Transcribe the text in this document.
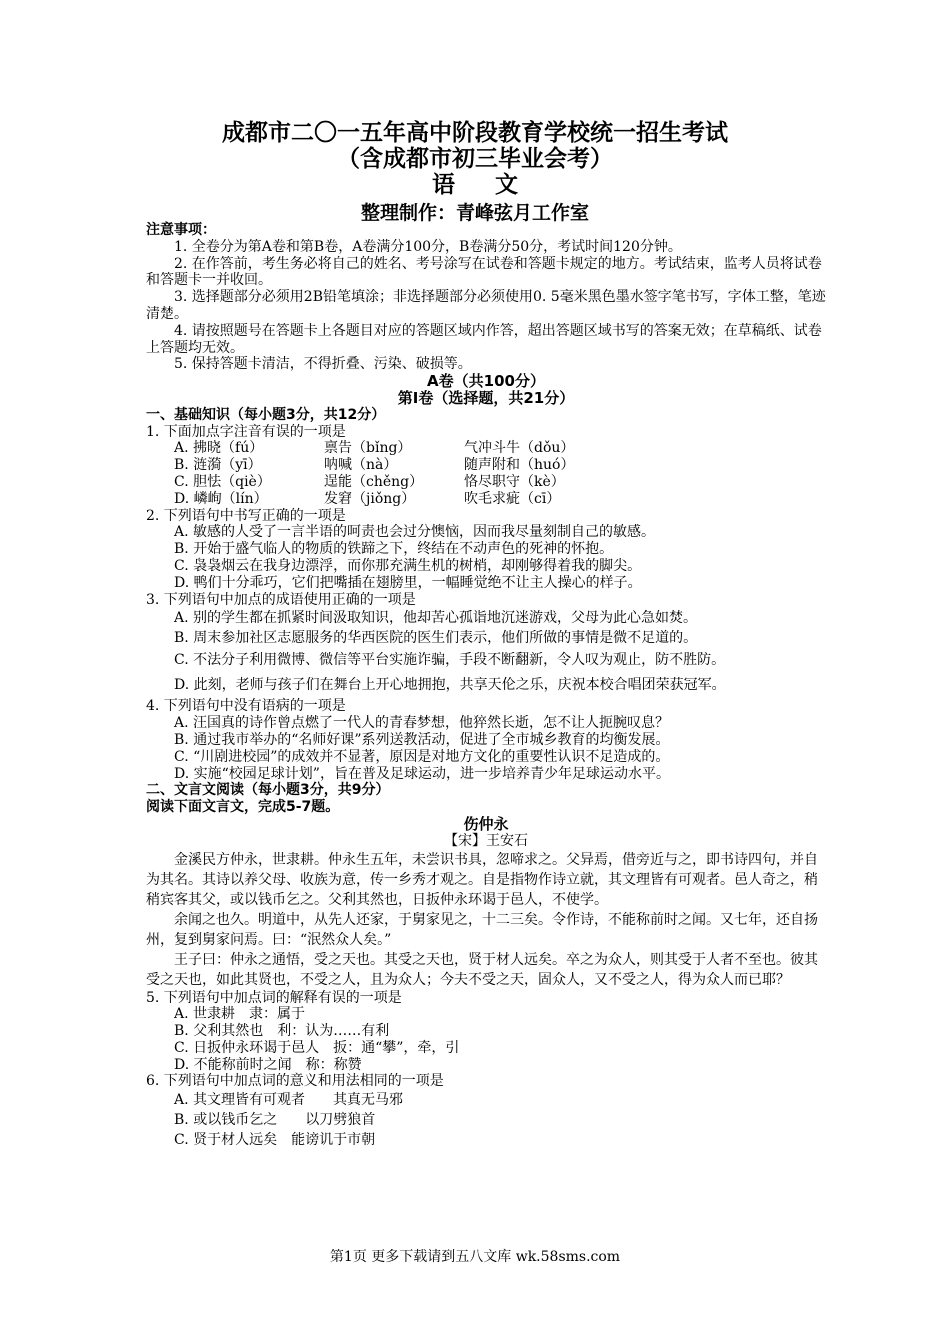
成都市二〇一五年高中阶段教育学校统一招生考试
（含成都市初三毕业会考）
语文
整理制作：青峰弦月工作室
注意事项：
1. 全卷分为第A卷和第B卷，A卷满分100分，B卷满分50分，考试时间120分钟。
2. 在作答前，考生务必将自己的姓名、考号涂写在试卷和答题卡规定的地方。考试结束，监考人员将试卷和答题卡一并收回。
3. 选择题部分必须用2B铅笔填涂；非选择题部分必须使用0. 5毫米黑色墨水签字笔书写，字体工整，笔迹清楚。
4. 请按照题号在答题卡上各题目对应的答题区域内作答，超出答题区域书写的答案无效；在草稿纸、试卷上答题均无效。
5. 保持答题卡清洁，不得折叠、污染、破损等。
A卷（共100分）
第Ⅰ卷（选择题，共21分）
一、基础知识（每小题3分，共12分）
1. 下面加点字注音有误的一项是
A. 拂晓（fú）	禀告（bǐng）	气冲斗牛（dǒu）
B. 涟漪（yī）	呐喊（nà）	随声附和（huó）
C. 胆怯（qiè）	逞能（chěng）	恪尽职守（kè）
D. 嶙峋（lín）	发窘（jiǒng）	吹毛求疵（cī）
2. 下列语句中书写正确的一项是
A. 敏感的人受了一言半语的呵责也会过分懊恼，因而我尽量刻制自己的敏感。
B. 开始于盛气临人的物质的铁蹄之下，终结在不动声色的死神的怀抱。
C. 袅袅烟云在我身边漂浮，而你那充满生机的树梢，却刚够得着我的脚尖。
D. 鸭们十分乖巧，它们把嘴插在翅膀里，一幅睡觉绝不让主人操心的样子。
3. 下列语句中加点的成语使用正确的一项是
A. 别的学生都在抓紧时间汲取知识，他却苦心孤诣地沉迷游戏，父母为此心急如焚。
B. 周末参加社区志愿服务的华西医院的医生们表示，他们所做的事情是微不足道的。
C. 不法分子利用微博、微信等平台实施诈骗，手段不断翻新，令人叹为观止，防不胜防。
D. 此刻，老师与孩子们在舞台上开心地拥抱，共享天伦之乐，庆祝本校合唱团荣获冠军。
4. 下列语句中没有语病的一项是
A. 汪国真的诗作曾点燃了一代人的青春梦想，他猝然长逝，怎不让人扼腕叹息？
B. 通过我市举办的“名师好课”系列送教活动，促进了全市城乡教育的均衡发展。
C. “川剧进校园”的成效并不显著，原因是对地方文化的重要性认识不足造成的。
D. 实施“校园足球计划”，旨在普及足球运动，进一步培养青少年足球运动水平。
二、文言文阅读（每小题3分，共9分）
阅读下面文言文，完成5-7题。
伤仲永
【宋】王安石
金溪民方仲永，世隶耕。仲永生五年，未尝识书具，忽啼求之。父异焉，借旁近与之，即书诗四句，并自为其名。其诗以养父母、收族为意，传一乡秀才观之。自是指物作诗立就，其文理皆有可观者。邑人奇之，稍稍宾客其父，或以钱币乞之。父利其然也，日扳仲永环谒于邑人，不使学。
余闻之也久。明道中，从先人还家，于舅家见之，十二三矣。令作诗，不能称前时之闻。又七年，还自扬州，复到舅家问焉。曰：“泯然众人矣。”
王子曰：仲永之通悟，受之天也。其受之天也，贤于材人远矣。卒之为众人，则其受于人者不至也。彼其受之天也，如此其贤也，不受之人，且为众人；今夫不受之天，固众人，又不受之人，得为众人而已耶？
5. 下列语句中加点词的解释有误的一项是
A. 世隶耕　隶：属于
B. 父利其然也　利：认为……有利
C. 日扳仲永环谒于邑人　扳：通“攀”，牵，引
D. 不能称前时之闻　称：称赞
6. 下列语句中加点词的意义和用法相同的一项是
A. 其文理皆有可观者　　其真无马邪
B. 或以钱币乞之　　以刀劈狼首
C. 贤于材人远矣　能谤讥于市朝
第1页 更多下载请到五八文库 wk.58sms.com
